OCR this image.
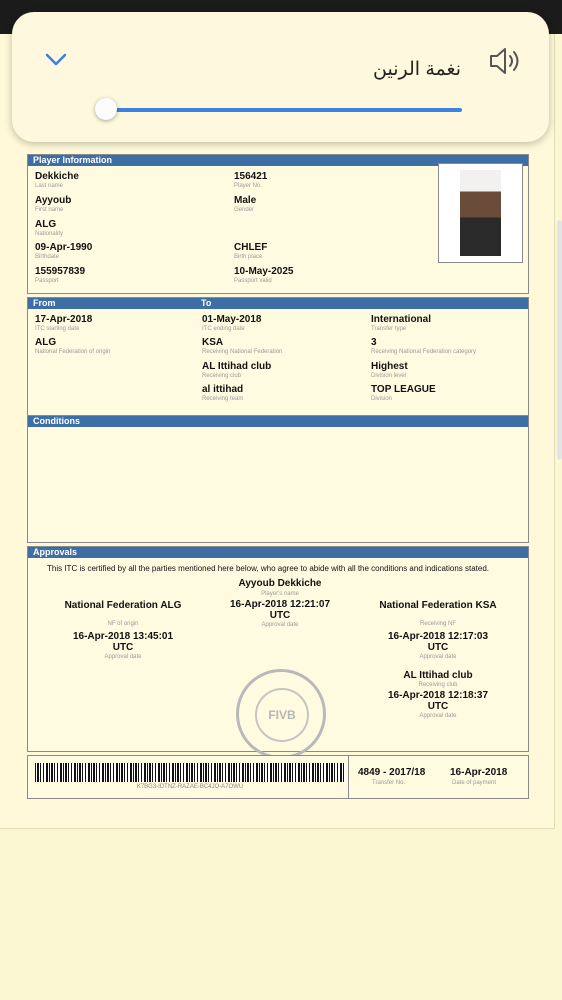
Player Information
Dekkiche
Last name
Ayyoub
First name
ALG
Nationality
09-Apr-1990
Birthdate
155957839
Passport
156421
Player No.
Male
Gender
CHLEF
Birth place
10-May-2025
Passport valid
From	To
17-Apr-2018
ITC starting date
ALG
National Federation of origin
01-May-2018
ITC ending date
KSA
Receiving National Federation
AL Ittihad club
Receiving club
al ittihad
Receiving team
International
Transfer type
3
Receiving National Federation category
Highest
Division level
TOP LEAGUE
Division
Conditions
Approvals
This ITC is certified by all the parties mentioned here below, who agree to abide with all the conditions and indications stated.
Ayyoub Dekkiche
Player's name
16-Apr-2018 12:21:07
UTC
Approval date
National Federation ALG
NF of origin
16-Apr-2018 13:45:01
UTC
Approval date
National Federation KSA
Receiving NF
16-Apr-2018 12:17:03
UTC
Approval date
AL Ittihad club
Receiving club
16-Apr-2018 12:18:37
UTC
Approval date
FIVB
K7BG3-IDTNZ-RAZAE-BC4JO-A7OWU
4849 - 2017/18
Transfer No.
16-Apr-2018
Date of payment
نغمة الرنين
